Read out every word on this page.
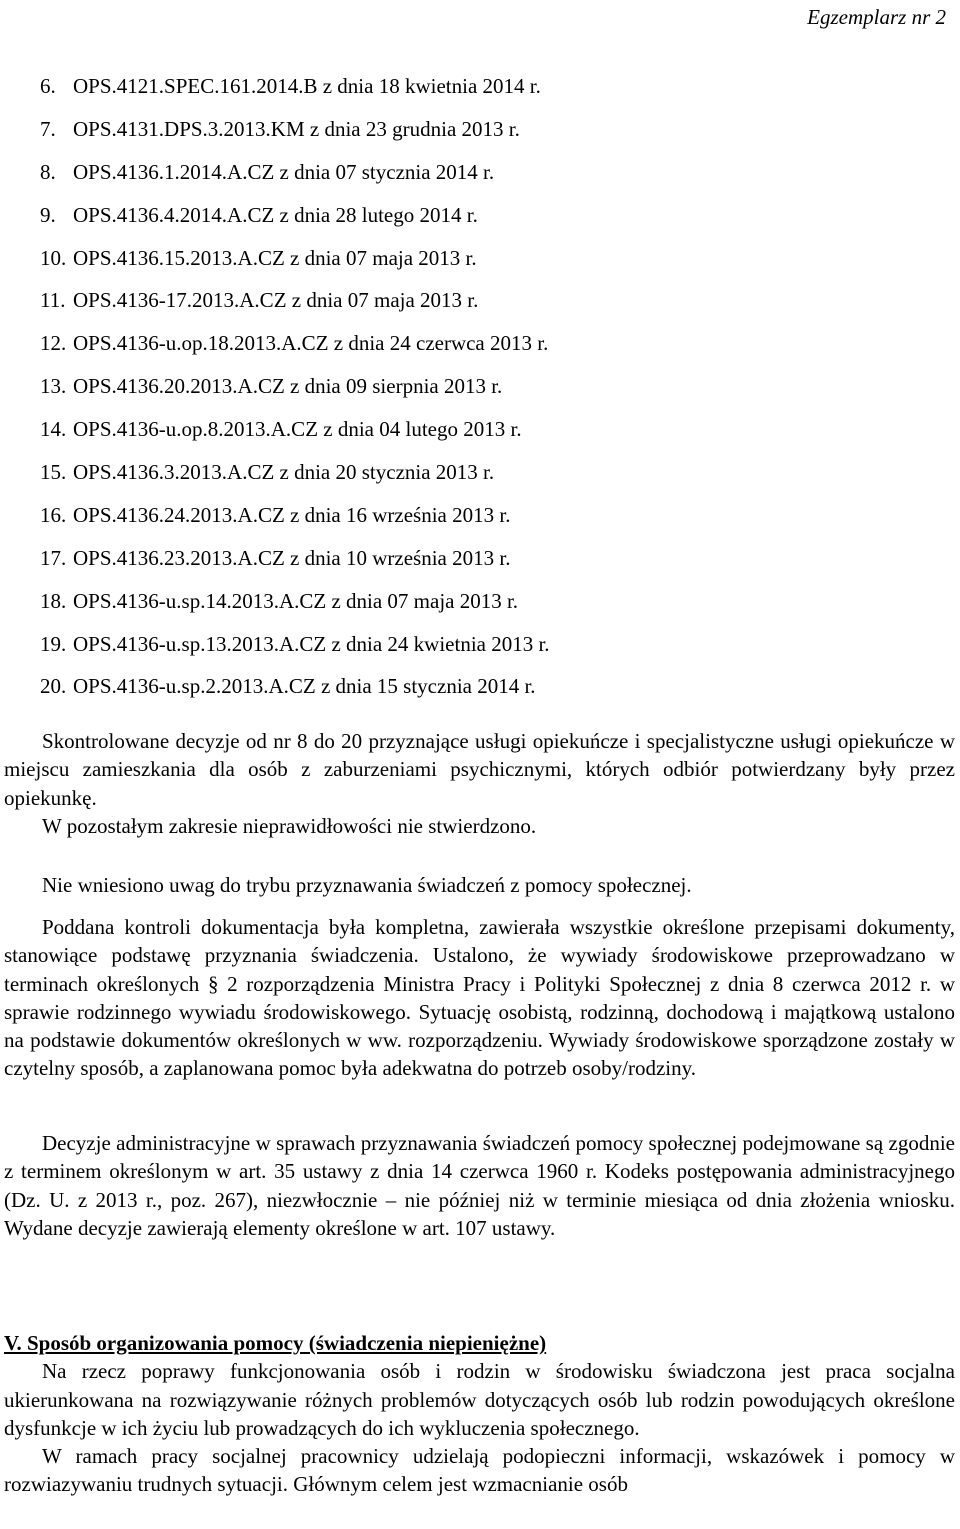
Egzemplarz nr 2
6. OPS.4121.SPEC.161.2014.B z dnia 18 kwietnia 2014 r.
7. OPS.4131.DPS.3.2013.KM z dnia 23 grudnia 2013 r.
8. OPS.4136.1.2014.A.CZ z dnia 07 stycznia 2014 r.
9. OPS.4136.4.2014.A.CZ z dnia 28 lutego 2014 r.
10. OPS.4136.15.2013.A.CZ z dnia 07 maja 2013 r.
11. OPS.4136-17.2013.A.CZ z dnia 07 maja 2013 r.
12. OPS.4136-u.op.18.2013.A.CZ z dnia 24 czerwca 2013 r.
13. OPS.4136.20.2013.A.CZ z dnia 09 sierpnia 2013 r.
14. OPS.4136-u.op.8.2013.A.CZ z dnia 04 lutego 2013 r.
15. OPS.4136.3.2013.A.CZ z dnia 20 stycznia 2013 r.
16. OPS.4136.24.2013.A.CZ z dnia 16 września 2013 r.
17. OPS.4136.23.2013.A.CZ z dnia 10 września 2013 r.
18. OPS.4136-u.sp.14.2013.A.CZ z dnia 07 maja 2013 r.
19. OPS.4136-u.sp.13.2013.A.CZ z dnia 24 kwietnia 2013 r.
20. OPS.4136-u.sp.2.2013.A.CZ z dnia 15 stycznia 2014 r.

Skontrolowane decyzje od nr 8 do 20 przyznające usługi opiekuńcze i specjalistyczne usługi opiekuńcze w miejscu zamieszkania dla osób z zaburzeniami psychicznymi, których odbiór potwierdzany były przez opiekunkę.

W pozostałym zakresie nieprawidłowości nie stwierdzono.

Nie wniesiono uwag do trybu przyznawania świadczeń z pomocy społecznej.

Poddana kontroli dokumentacja była kompletna, zawierała wszystkie określone przepisami dokumenty, stanowiące podstawę przyznania świadczenia. Ustalono, że wywiady środowiskowe przeprowadzano w terminach określonych § 2 rozporządzenia Ministra Pracy i Polityki Społecznej z dnia 8 czerwca 2012 r. w sprawie rodzinnego wywiadu środowiskowego. Sytuację osobistą, rodzinną, dochodową i majątkową ustalono na podstawie dokumentów określonych w ww. rozporządzeniu. Wywiady środowiskowe sporządzone zostały w czytelny sposób, a zaplanowana pomoc była adekwatna do potrzeb osoby/rodziny.

Decyzje administracyjne w sprawach przyznawania świadczeń pomocy społecznej podejmowane są zgodnie z terminem określonym w art. 35 ustawy z dnia 14 czerwca 1960 r. Kodeks postępowania administracyjnego (Dz. U. z 2013 r., poz. 267), niezwłocznie – nie później niż w terminie miesiąca od dnia złożenia wniosku. Wydane decyzje zawierają elementy określone w art. 107 ustawy.

V. Sposób organizowania pomocy (świadczenia niepieniężne)

Na rzecz poprawy funkcjonowania osób i rodzin w środowisku świadczona jest praca socjalna ukierunkowana na rozwiązywanie różnych problemów dotyczących osób lub rodzin powodujących określone dysfunkcje w ich życiu lub prowadzących do ich wykluczenia społecznego.

W ramach pracy socjalnej pracownicy udzielają podopieczni informacji, wskazówek i pomocy w rozwiazywaniu trudnych sytuacji. Głównym celem jest wzmacnianie osób
